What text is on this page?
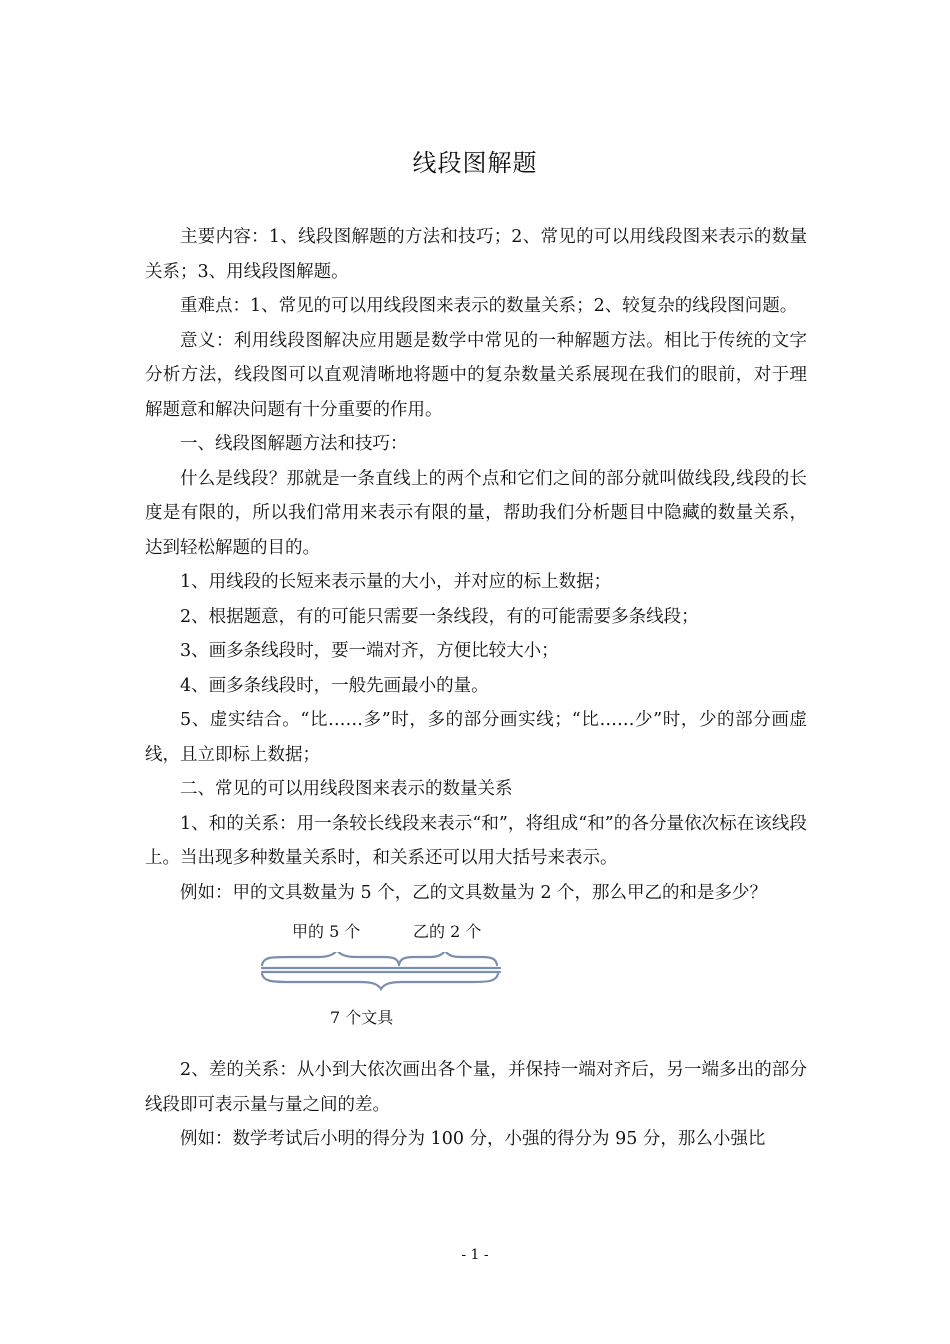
线段图解题

主要内容：1、线段图解题的方法和技巧；2、常见的可以用线段图来表示的数量关系；3、用线段图解题。

重难点：1、常见的可以用线段图来表示的数量关系；2、较复杂的线段图问题。

意义：利用线段图解决应用题是数学中常见的一种解题方法。相比于传统的文字分析方法，线段图可以直观清晰地将题中的复杂数量关系展现在我们的眼前，对于理解题意和解决问题有十分重要的作用。

一、线段图解题方法和技巧：

什么是线段？那就是一条直线上的两个点和它们之间的部分就叫做线段,线段的长度是有限的，所以我们常用来表示有限的量，帮助我们分析题目中隐藏的数量关系，达到轻松解题的目的。

1、用线段的长短来表示量的大小，并对应的标上数据；

2、根据题意，有的可能只需要一条线段，有的可能需要多条线段；

3、画多条线段时，要一端对齐，方便比较大小；

4、画多条线段时，一般先画最小的量。

5、虚实结合。“比……多”时，多的部分画实线；“比……少”时，少的部分画虚线，且立即标上数据；

二、常见的可以用线段图来表示的数量关系

1、和的关系：用一条较长线段来表示“和”，将组成“和”的各分量依次标在该线段上。当出现多种数量关系时，和关系还可以用大括号来表示。

例如：甲的文具数量为 5 个，乙的文具数量为 2 个，那么甲乙的和是多少？

甲的 5 个	乙的 2 个
7 个文具

2、差的关系：从小到大依次画出各个量，并保持一端对齐后，另一端多出的部分线段即可表示量与量之间的差。

例如：数学考试后小明的得分为 100 分，小强的得分为 95 分，那么小强比

- 1 -
